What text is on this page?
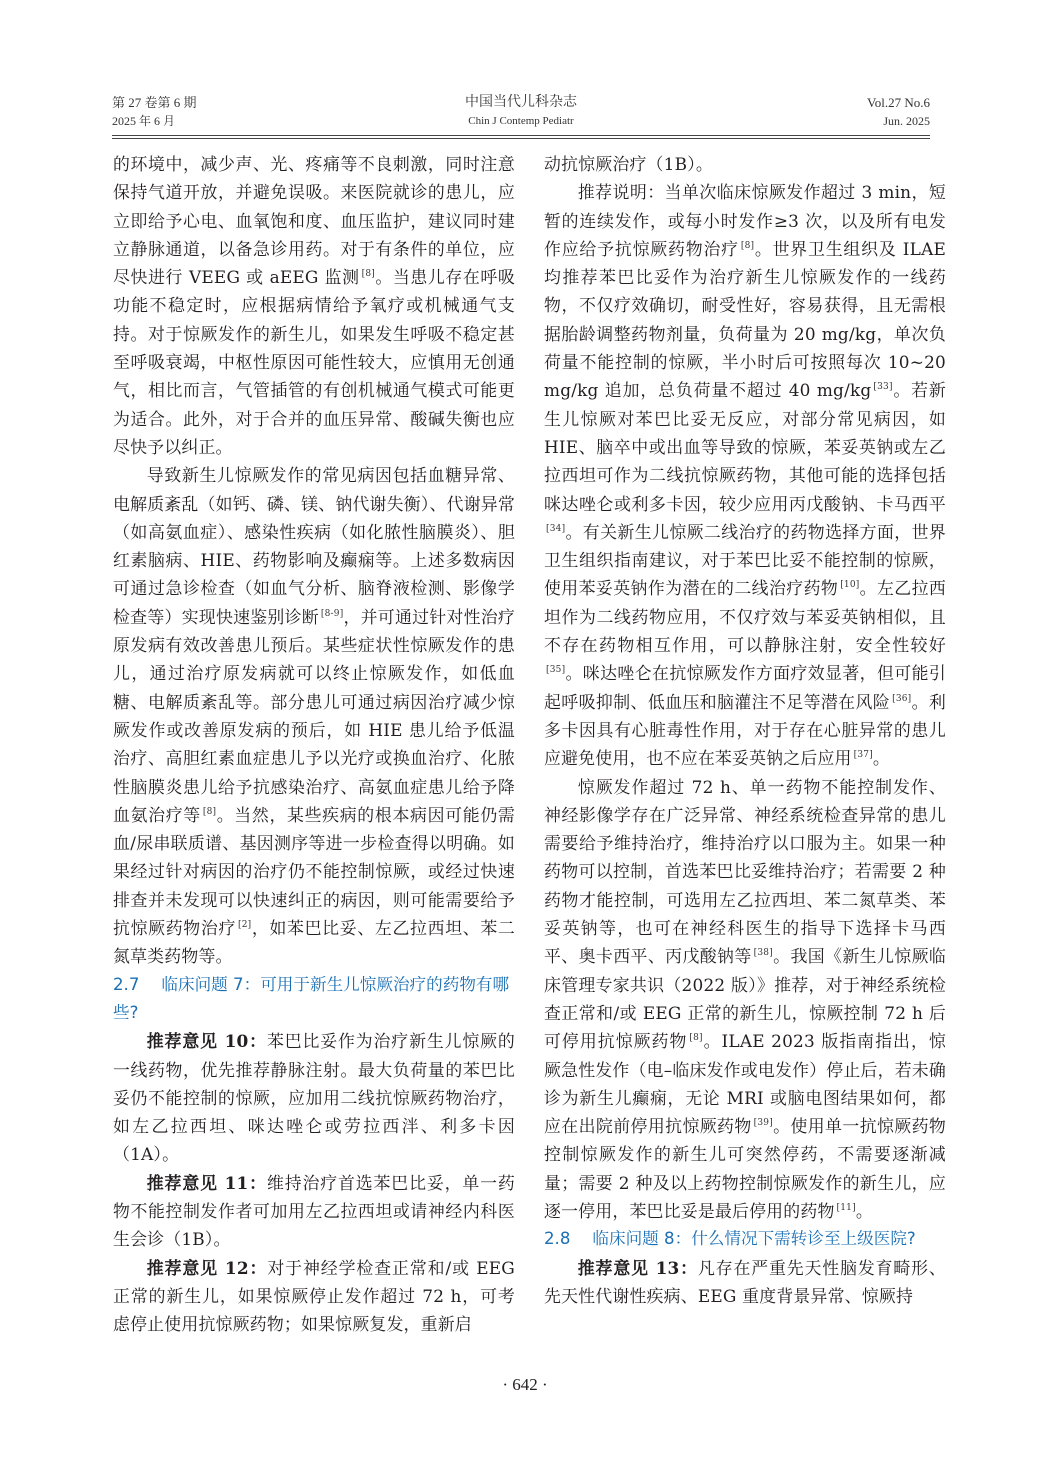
第 27 卷第 6 期
2025 年 6 月
中国当代儿科杂志
Chin J Contemp Pediatr
Vol.27 No.6
Jun. 2025

的环境中，减少声、光、疼痛等不良刺激，同时注意保持气道开放，并避免误吸。来医院就诊的患儿，应立即给予心电、血氧饱和度、血压监护，建议同时建立静脉通道，以备急诊用药。对于有条件的单位，应尽快进行 VEEG 或 aEEG 监测 [8]。当患儿存在呼吸功能不稳定时，应根据病情给予氧疗或机械通气支持。对于惊厥发作的新生儿，如果发生呼吸不稳定甚至呼吸衰竭，中枢性原因可能性较大，应慎用无创通气，相比而言，气管插管的有创机械通气模式可能更为适合。此外，对于合并的血压异常、酸碱失衡也应尽快予以纠正。

导致新生儿惊厥发作的常见病因包括血糖异常、电解质紊乱（如钙、磷、镁、钠代谢失衡）、代谢异常（如高氨血症）、感染性疾病（如化脓性脑膜炎）、胆红素脑病、HIE、药物影响及癫痫等。上述多数病因可通过急诊检查（如血气分析、脑脊液检测、影像学检查等）实现快速鉴别诊断 [8-9]，并可通过针对性治疗原发病有效改善患儿预后。某些症状性惊厥发作的患儿，通过治疗原发病就可以终止惊厥发作，如低血糖、电解质紊乱等。部分患儿可通过病因治疗减少惊厥发作或改善原发病的预后，如 HIE 患儿给予低温治疗、高胆红素血症患儿予以光疗或换血治疗、化脓性脑膜炎患儿给予抗感染治疗、高氨血症患儿给予降血氨治疗等 [8]。当然，某些疾病的根本病因可能仍需血/尿串联质谱、基因测序等进一步检查得以明确。如果经过针对病因的治疗仍不能控制惊厥，或经过快速排查并未发现可以快速纠正的病因，则可能需要给予抗惊厥药物治疗 [2]，如苯巴比妥、左乙拉西坦、苯二氮草类药物等。

2.7 临床问题 7：可用于新生儿惊厥治疗的药物有哪些?

推荐意见 10：苯巴比妥作为治疗新生儿惊厥的一线药物，优先推荐静脉注射。最大负荷量的苯巴比妥仍不能控制的惊厥，应加用二线抗惊厥药物治疗，如左乙拉西坦、咪达唑仑或劳拉西泮、利多卡因（1A）。

推荐意见 11：维持治疗首选苯巴比妥，单一药物不能控制发作者可加用左乙拉西坦或请神经内科医生会诊（1B）。

推荐意见 12：对于神经学检查正常和/或 EEG 正常的新生儿，如果惊厥停止发作超过 72 h，可考虑停止使用抗惊厥药物；如果惊厥复发，重新启

动抗惊厥治疗（1B）。

推荐说明：当单次临床惊厥发作超过 3 min，短暂的连续发作，或每小时发作≥3 次，以及所有电发作应给予抗惊厥药物治疗 [8]。世界卫生组织及 ILAE 均推荐苯巴比妥作为治疗新生儿惊厥发作的一线药物，不仅疗效确切，耐受性好，容易获得，且无需根据胎龄调整药物剂量，负荷量为 20 mg/kg，单次负荷量不能控制的惊厥，半小时后可按照每次 10~20 mg/kg 追加，总负荷量不超过 40 mg/kg [33]。若新生儿惊厥对苯巴比妥无反应，对部分常见病因，如 HIE、脑卒中或出血等导致的惊厥，苯妥英钠或左乙拉西坦可作为二线抗惊厥药物，其他可能的选择包括咪达唑仑或利多卡因，较少应用丙戊酸钠、卡马西平[34]。有关新生儿惊厥二线治疗的药物选择方面，世界卫生组织指南建议，对于苯巴比妥不能控制的惊厥，使用苯妥英钠作为潜在的二线治疗药物 [10]。左乙拉西坦作为二线药物应用，不仅疗效与苯妥英钠相似，且不存在药物相互作用，可以静脉注射，安全性较好[35]。咪达唑仑在抗惊厥发作方面疗效显著，但可能引起呼吸抑制、低血压和脑灌注不足等潜在风险 [36]。利多卡因具有心脏毒性作用，对于存在心脏异常的患儿应避免使用，也不应在苯妥英钠之后应用 [37]。

惊厥发作超过 72 h、单一药物不能控制发作、神经影像学存在广泛异常、神经系统检查异常的患儿需要给予维持治疗，维持治疗以口服为主。如果一种药物可以控制，首选苯巴比妥维持治疗；若需要 2 种药物才能控制，可选用左乙拉西坦、苯二氮草类、苯妥英钠等，也可在神经科医生的指导下选择卡马西平、奥卡西平、丙戊酸钠等 [38]。我国《新生儿惊厥临床管理专家共识（2022 版）》推荐，对于神经系统检查正常和/或 EEG 正常的新生儿，惊厥控制 72 h 后可停用抗惊厥药物 [8]。ILAE 2023 版指南指出，惊厥急性发作（电–临床发作或电发作）停止后，若未确诊为新生儿癫痫，无论 MRI 或脑电图结果如何，都应在出院前停用抗惊厥药物 [39]。使用单一抗惊厥药物控制惊厥发作的新生儿可突然停药，不需要逐渐减量；需要 2 种及以上药物控制惊厥发作的新生儿，应逐一停用，苯巴比妥是最后停用的药物 [11]。

2.8 临床问题 8：什么情况下需转诊至上级医院?

推荐意见 13：凡存在严重先天性脑发育畸形、先天性代谢性疾病、EEG 重度背景异常、惊厥持

· 642 ·
